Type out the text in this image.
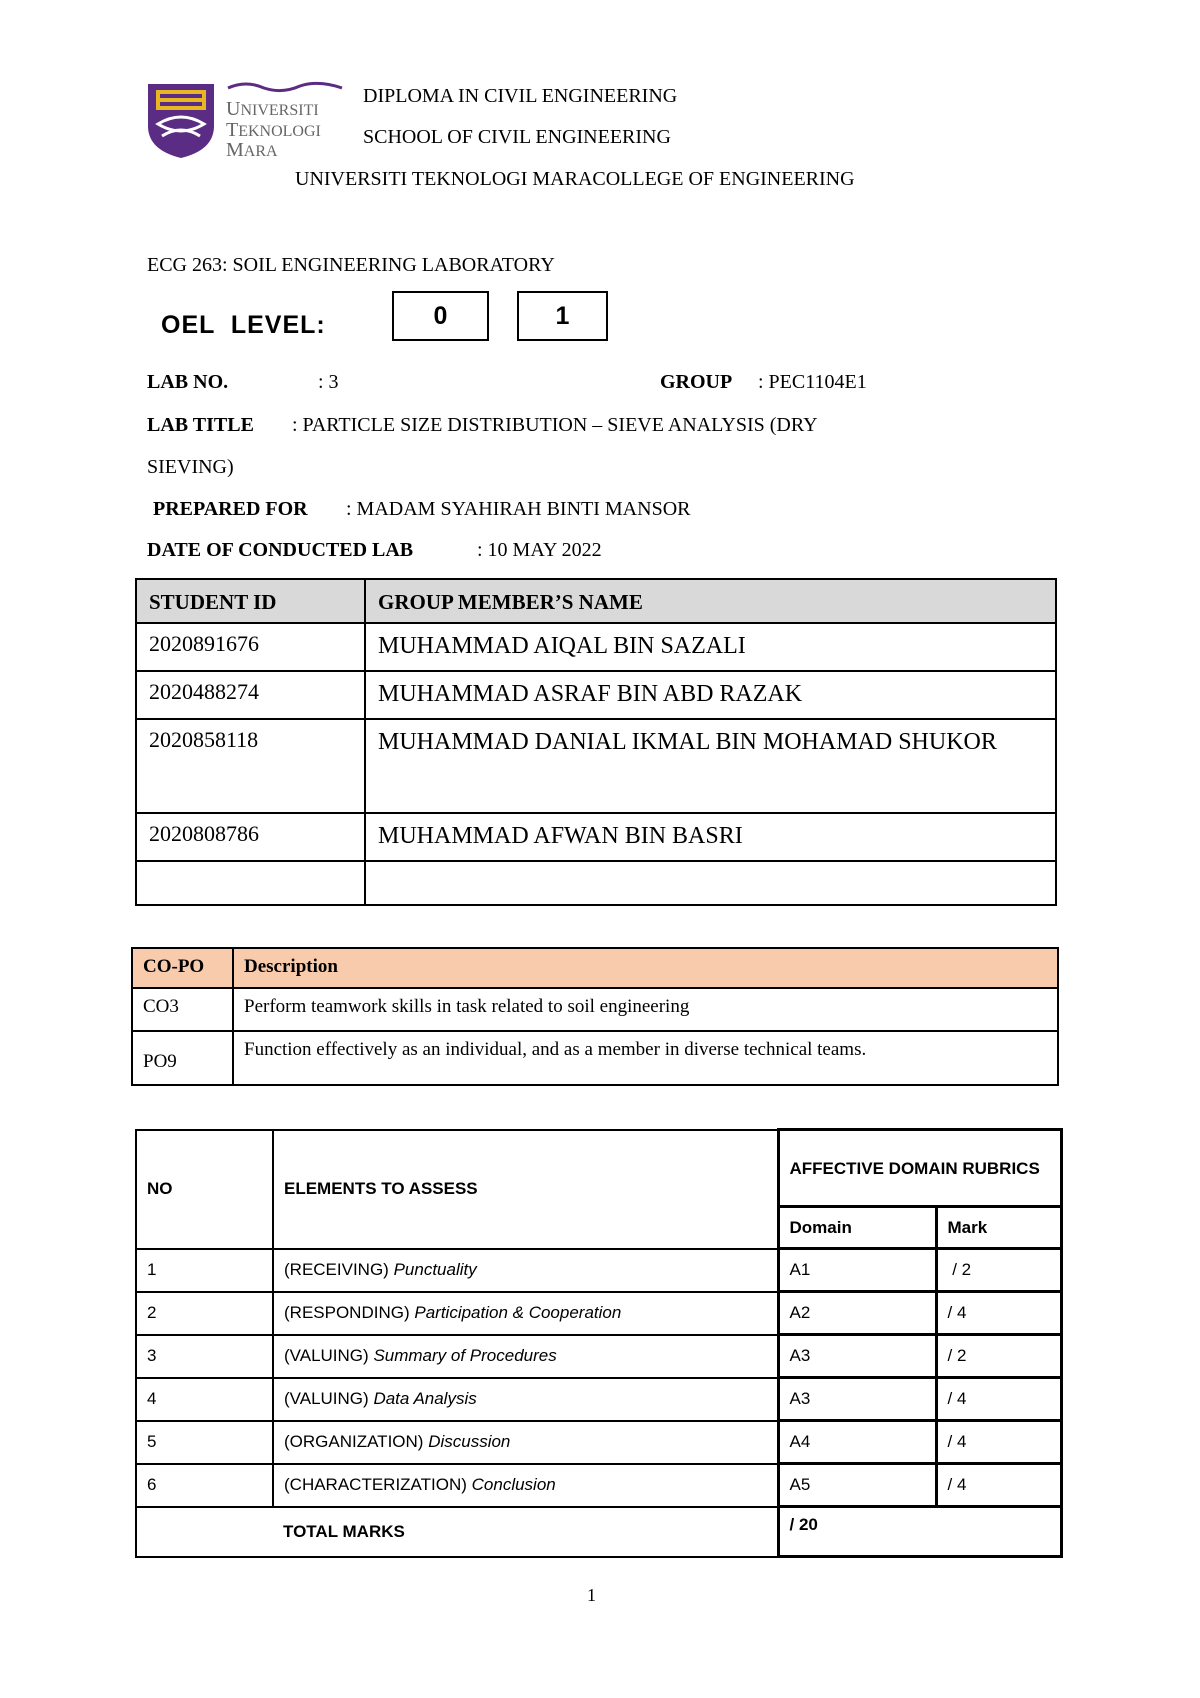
UNIVERSITI
TEKNOLOGI
MARA
DIPLOMA IN CIVIL ENGINEERING
SCHOOL OF CIVIL ENGINEERING
UNIVERSITI TEKNOLOGI MARACOLLEGE OF ENGINEERING
ECG 263: SOIL ENGINEERING LABORATORY
OEL  LEVEL:	0	1
LAB NO.	: 3	GROUP : PEC1104E1
LAB TITLE : PARTICLE SIZE DISTRIBUTION – SIEVE ANALYSIS (DRY
SIEVING)
PREPARED FOR : MADAM SYAHIRAH BINTI MANSOR
DATE OF CONDUCTED LAB	: 10 MAY 2022
STUDENT ID	GROUP MEMBER’S NAME
2020891676	MUHAMMAD AIQAL BIN SAZALI
2020488274	MUHAMMAD ASRAF BIN ABD RAZAK
2020858118	MUHAMMAD DANIAL IKMAL BIN MOHAMAD SHUKOR
2020808786	MUHAMMAD AFWAN BIN BASRI

CO-PO	Description
CO3	Perform teamwork skills in task related to soil engineering
PO9	Function effectively as an individual, and as a member in diverse technical teams.
NO	ELEMENTS TO ASSESS	AFFECTIVE DOMAIN RUBRICS	
		Domain	Mark
1	(RECEIVING) Punctuality	A1	/ 2
2	(RESPONDING) Participation & Cooperation	A2	/ 4
3	(VALUING) Summary of Procedures	A3	/ 2
4	(VALUING) Data Analysis	A3	/ 4
5	(ORGANIZATION) Discussion	A4	/ 4
6	(CHARACTERIZATION) Conclusion	A5	/ 4
	TOTAL MARKS	/ 20	
1
